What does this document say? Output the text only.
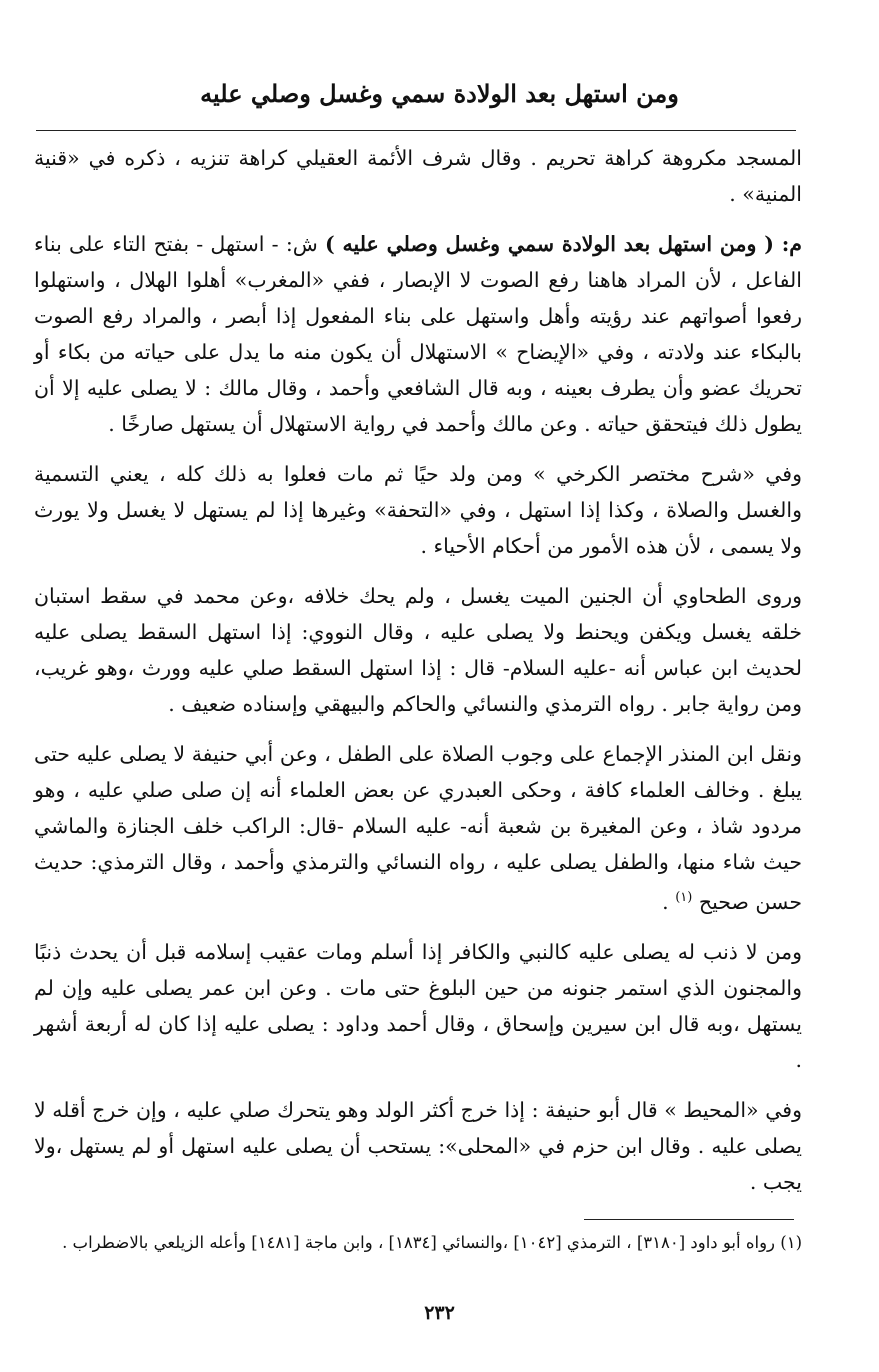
ومن استهل بعد الولادة سمي وغسل وصلي عليه

المسجد مكروهة كراهة تحريم . وقال شرف الأئمة العقيلي كراهة تنزيه ، ذكره في «قنية المنية» .

م: ( ومن استهل بعد الولادة سمي وغسل وصلي عليه ) ش: - استهل - بفتح التاء على بناء الفاعل ، لأن المراد هاهنا رفع الصوت لا الإبصار ، ففي «المغرب» أهلوا الهلال ، واستهلوا رفعوا أصواتهم عند رؤيته وأهل واستهل على بناء المفعول إذا أبصر ، والمراد رفع الصوت بالبكاء عند ولادته ، وفي «الإيضاح » الاستهلال أن يكون منه ما يدل على حياته من بكاء أو تحريك عضو وأن يطرف بعينه ، وبه قال الشافعي وأحمد ، وقال مالك : لا يصلى عليه إلا أن يطول ذلك فيتحقق حياته . وعن مالك وأحمد في رواية الاستهلال أن يستهل صارخًا .

وفي «شرح مختصر الكرخي » ومن ولد حيًا ثم مات فعلوا به ذلك كله ، يعني التسمية والغسل والصلاة ، وكذا إذا استهل ، وفي «التحفة» وغيرها إذا لم يستهل لا يغسل ولا يورث ولا يسمى ، لأن هذه الأمور من أحكام الأحياء .

وروى الطحاوي أن الجنين الميت يغسل ، ولم يحك خلافه ،وعن محمد في سقط استبان خلقه يغسل ويكفن ويحنط ولا يصلى عليه ، وقال النووي: إذا استهل السقط يصلى عليه لحديث ابن عباس أنه -عليه السلام- قال : إذا استهل السقط صلي عليه وورث ،وهو غريب، ومن رواية جابر . رواه الترمذي والنسائي والحاكم والبيهقي وإسناده ضعيف .

ونقل ابن المنذر الإجماع على وجوب الصلاة على الطفل ، وعن أبي حنيفة لا يصلى عليه حتى يبلغ . وخالف العلماء كافة ، وحكى العبدري عن بعض العلماء أنه إن صلى صلي عليه ، وهو مردود شاذ ، وعن المغيرة بن شعبة أنه- عليه السلام -قال: الراكب خلف الجنازة والماشي حيث شاء منها، والطفل يصلى عليه ، رواه النسائي والترمذي وأحمد ، وقال الترمذي: حديث حسن صحيح $^{(١)}$ .

ومن لا ذنب له يصلى عليه كالنبي والكافر إذا أسلم ومات عقيب إسلامه قبل أن يحدث ذنبًا والمجنون الذي استمر جنونه من حين البلوغ حتى مات . وعن ابن عمر يصلى عليه وإن لم يستهل ،وبه قال ابن سيرين وإسحاق ، وقال أحمد وداود : يصلى عليه إذا كان له أربعة أشهر .

وفي «المحيط » قال أبو حنيفة : إذا خرج أكثر الولد وهو يتحرك صلي عليه ، وإن خرج أقله لا يصلى عليه . وقال ابن حزم في «المحلى»: يستحب أن يصلى عليه استهل أو لم يستهل ،ولا يجب .

(١) رواه أبو داود [٣١٨٠] ، الترمذي [١٠٤٢] ،والنسائي [١٨٣٤] ، وابن ماجة [١٤٨١] وأعله الزيلعي بالاضطراب .

٢٣٢
